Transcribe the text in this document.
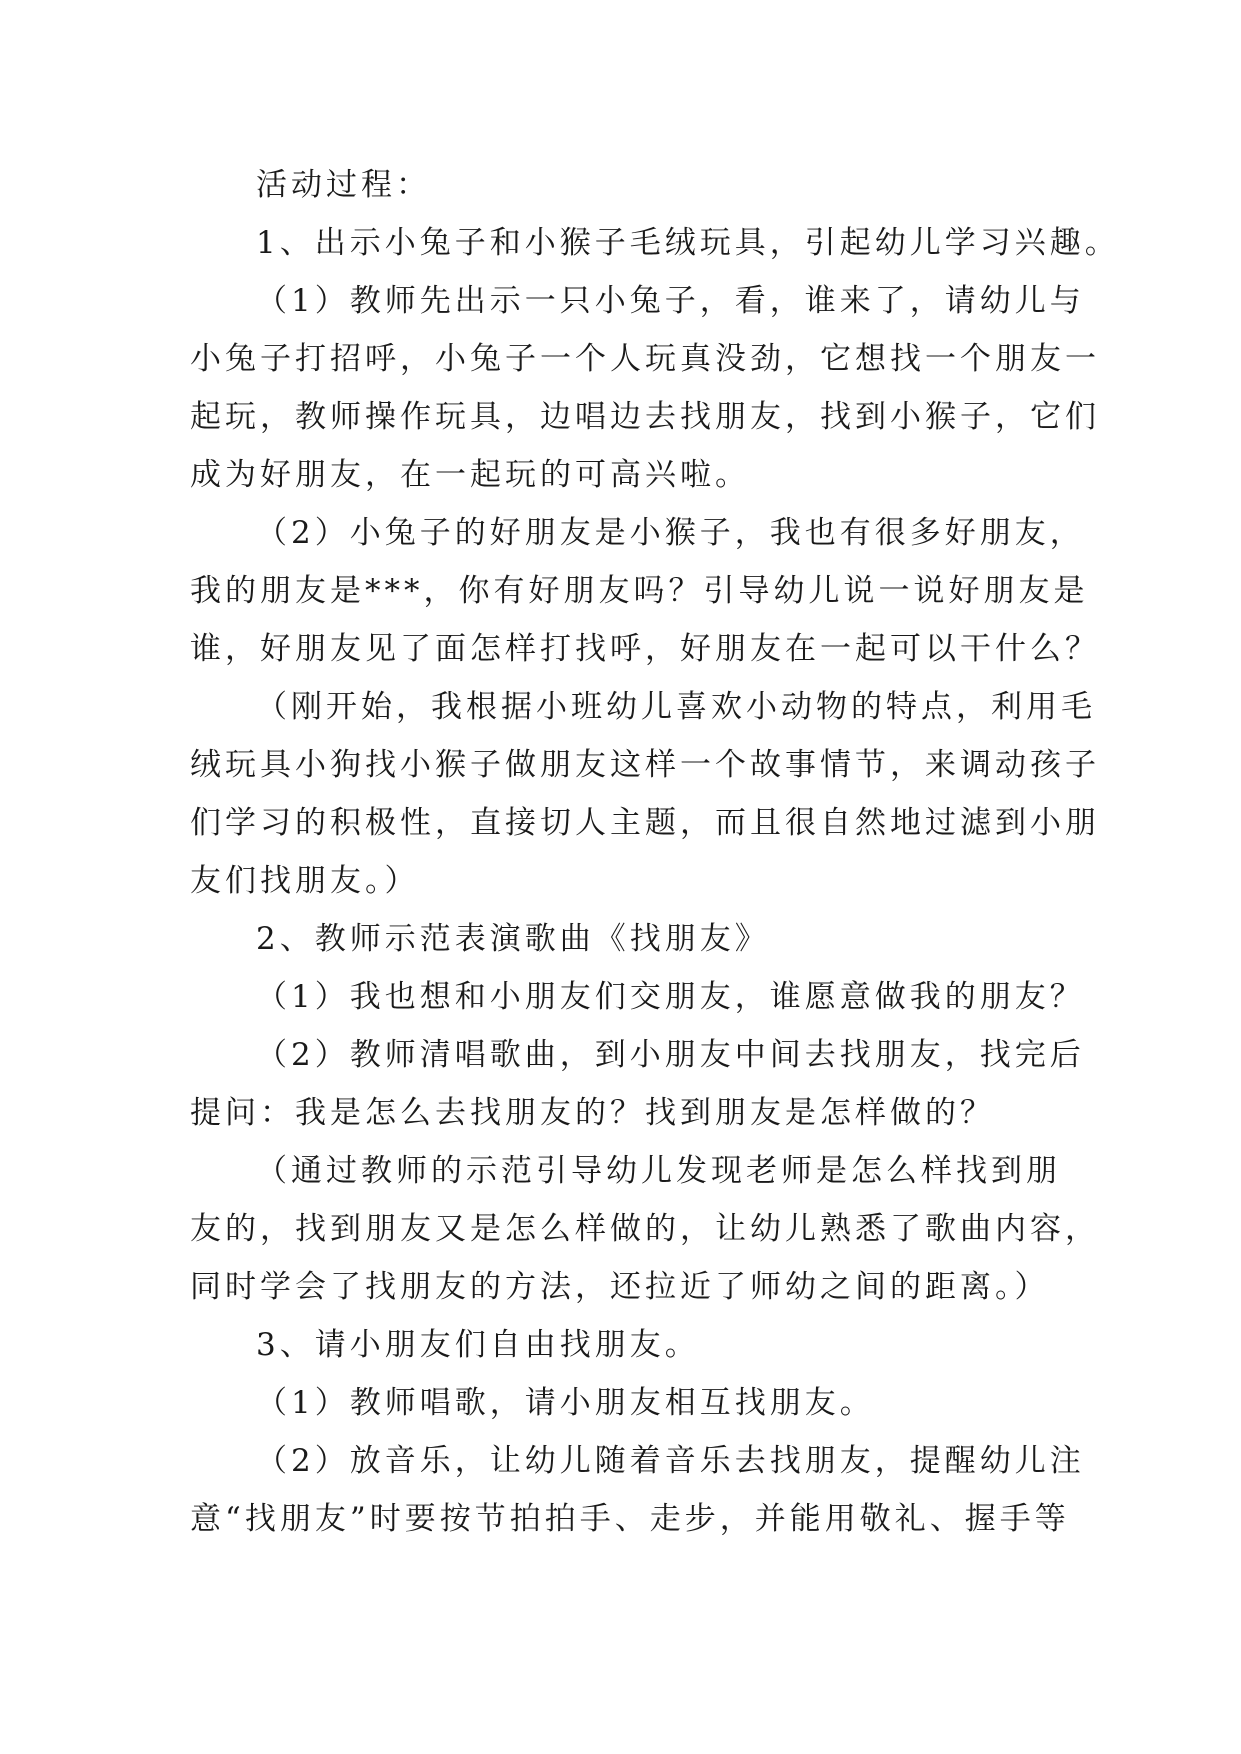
活动过程：
1、出示小兔子和小猴子毛绒玩具，引起幼儿学习兴趣。
（1）教师先出示一只小兔子，看，谁来了，请幼儿与
小兔子打招呼，小兔子一个人玩真没劲，它想找一个朋友一
起玩，教师操作玩具，边唱边去找朋友，找到小猴子，它们
成为好朋友，在一起玩的可高兴啦。
（2）小兔子的好朋友是小猴子，我也有很多好朋友，
我的朋友是***，你有好朋友吗？引导幼儿说一说好朋友是
谁，好朋友见了面怎样打找呼，好朋友在一起可以干什么？
（刚开始，我根据小班幼儿喜欢小动物的特点，利用毛
绒玩具小狗找小猴子做朋友这样一个故事情节，来调动孩子
们学习的积极性，直接切人主题，而且很自然地过滤到小朋
友们找朋友。）
2、教师示范表演歌曲《找朋友》
（1）我也想和小朋友们交朋友，谁愿意做我的朋友？
（2）教师清唱歌曲，到小朋友中间去找朋友，找完后
提问：我是怎么去找朋友的？找到朋友是怎样做的？
（通过教师的示范引导幼儿发现老师是怎么样找到朋
友的，找到朋友又是怎么样做的，让幼儿熟悉了歌曲内容，
同时学会了找朋友的方法，还拉近了师幼之间的距离。）
3、请小朋友们自由找朋友。
（1）教师唱歌，请小朋友相互找朋友。
（2）放音乐，让幼儿随着音乐去找朋友，提醒幼儿注
意“找朋友”时要按节拍拍手、走步，并能用敬礼、握手等
